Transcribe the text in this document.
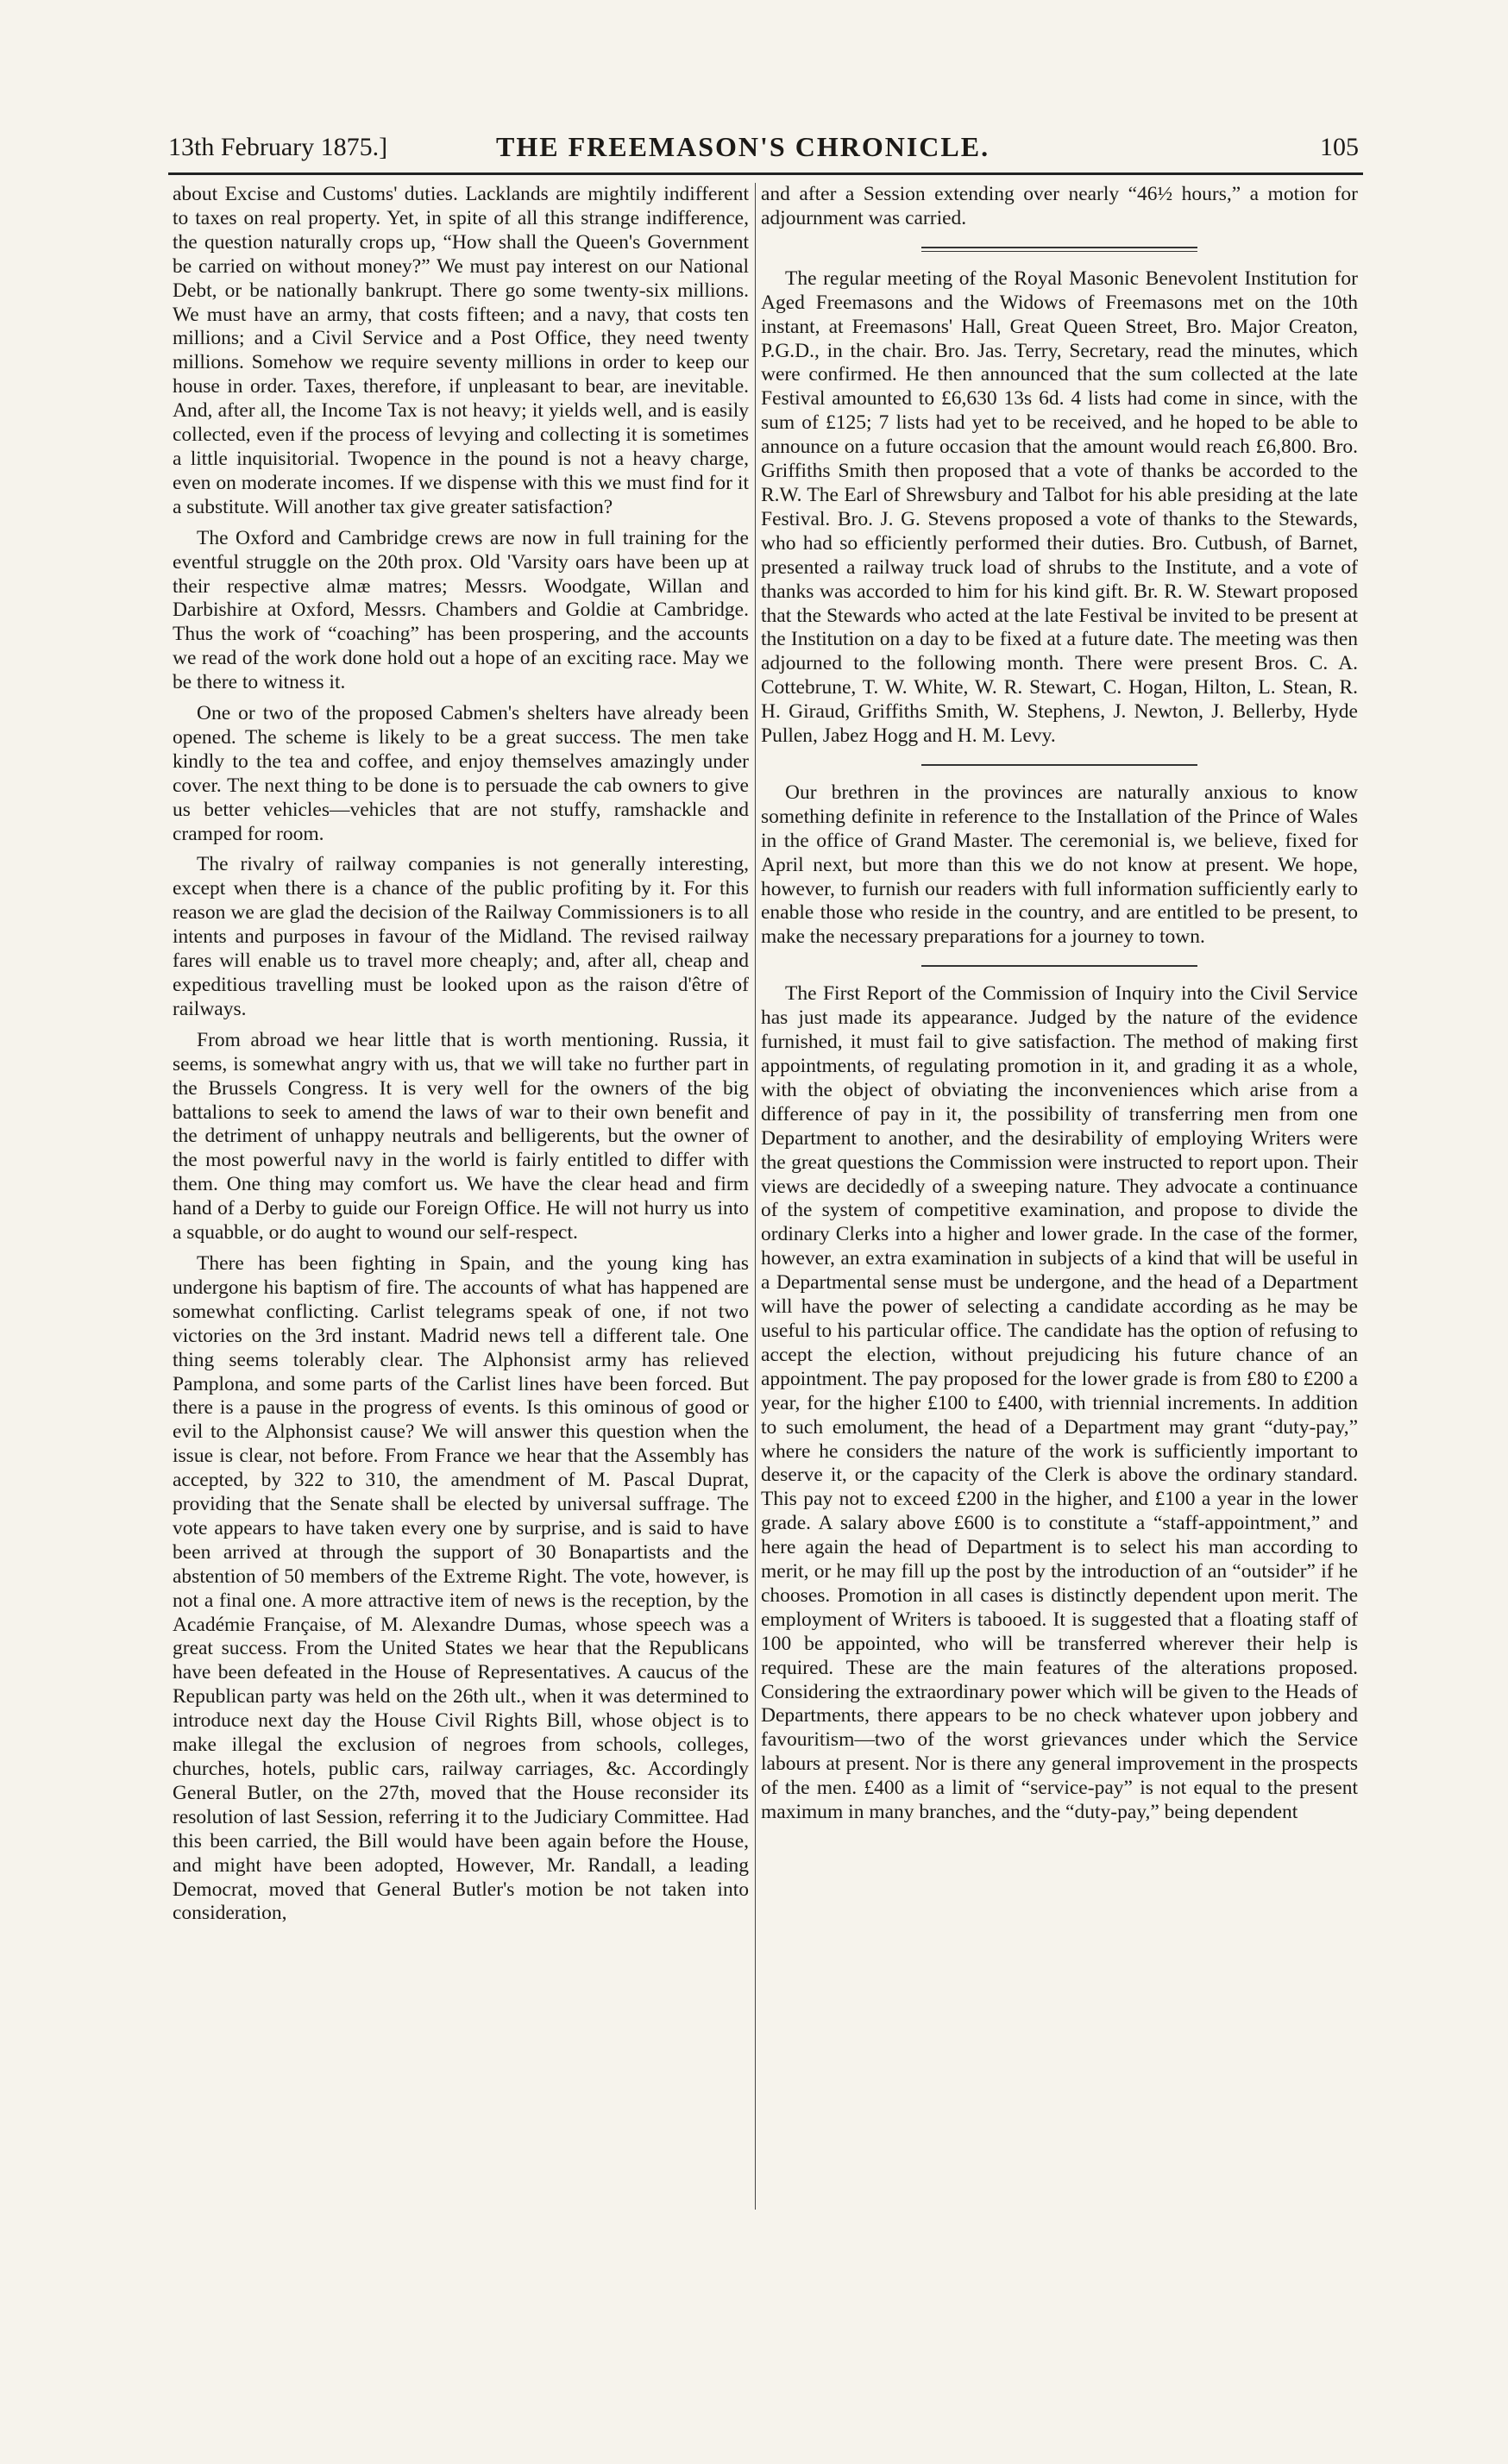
13th February 1875.]	THE FREEMASON'S CHRONICLE.	105

about Excise and Customs' duties. Lacklands are mightily indifferent to taxes on real property. Yet, in spite of all this strange indifference, the question naturally crops up, “How shall the Queen's Government be carried on without money?” We must pay interest on our National Debt, or be nationally bankrupt. There go some twenty-six millions. We must have an army, that costs fifteen; and a navy, that costs ten millions; and a Civil Service and a Post Office, they need twenty millions. Somehow we require seventy millions in order to keep our house in order. Taxes, therefore, if unpleasant to bear, are inevitable. And, after all, the Income Tax is not heavy; it yields well, and is easily collected, even if the process of levying and collecting it is sometimes a little inquisitorial. Twopence in the pound is not a heavy charge, even on moderate incomes. If we dispense with this we must find for it a substitute. Will another tax give greater satisfaction?

The Oxford and Cambridge crews are now in full training for the eventful struggle on the 20th prox. Old 'Varsity oars have been up at their respective almæ matres; Messrs. Woodgate, Willan and Darbishire at Oxford, Messrs. Chambers and Goldie at Cambridge. Thus the work of “coaching” has been prospering, and the accounts we read of the work done hold out a hope of an exciting race. May we be there to witness it.

One or two of the proposed Cabmen's shelters have already been opened. The scheme is likely to be a great success. The men take kindly to the tea and coffee, and enjoy themselves amazingly under cover. The next thing to be done is to persuade the cab owners to give us better vehicles—vehicles that are not stuffy, ramshackle and cramped for room.

The rivalry of railway companies is not generally interesting, except when there is a chance of the public profiting by it. For this reason we are glad the decision of the Railway Commissioners is to all intents and purposes in favour of the Midland. The revised railway fares will enable us to travel more cheaply; and, after all, cheap and expeditious travelling must be looked upon as the raison d'être of railways.

From abroad we hear little that is worth mentioning. Russia, it seems, is somewhat angry with us, that we will take no further part in the Brussels Congress. It is very well for the owners of the big battalions to seek to amend the laws of war to their own benefit and the detriment of unhappy neutrals and belligerents, but the owner of the most powerful navy in the world is fairly entitled to differ with them. One thing may comfort us. We have the clear head and firm hand of a Derby to guide our Foreign Office. He will not hurry us into a squabble, or do aught to wound our self-respect.

There has been fighting in Spain, and the young king has undergone his baptism of fire. The accounts of what has happened are somewhat conflicting. Carlist telegrams speak of one, if not two victories on the 3rd instant. Madrid news tell a different tale. One thing seems tolerably clear. The Alphonsist army has relieved Pamplona, and some parts of the Carlist lines have been forced. But there is a pause in the progress of events. Is this ominous of good or evil to the Alphonsist cause? We will answer this question when the issue is clear, not before. From France we hear that the Assembly has accepted, by 322 to 310, the amendment of M. Pascal Duprat, providing that the Senate shall be elected by universal suffrage. The vote appears to have taken every one by surprise, and is said to have been arrived at through the support of 30 Bonapartists and the abstention of 50 members of the Extreme Right. The vote, however, is not a final one. A more attractive item of news is the reception, by the Académie Française, of M. Alexandre Dumas, whose speech was a great success. From the United States we hear that the Republicans have been defeated in the House of Representatives. A caucus of the Republican party was held on the 26th ult., when it was determined to introduce next day the House Civil Rights Bill, whose object is to make illegal the exclusion of negroes from schools, colleges, churches, hotels, public cars, railway carriages, &c. Accordingly General Butler, on the 27th, moved that the House reconsider its resolution of last Session, referring it to the Judiciary Committee. Had this been carried, the Bill would have been again before the House, and might have been adopted, However, Mr. Randall, a leading Democrat, moved that General Butler's motion be not taken into consideration,

and after a Session extending over nearly “46½ hours,” a motion for adjournment was carried.

The regular meeting of the Royal Masonic Benevolent Institution for Aged Freemasons and the Widows of Freemasons met on the 10th instant, at Freemasons' Hall, Great Queen Street, Bro. Major Creaton, P.G.D., in the chair. Bro. Jas. Terry, Secretary, read the minutes, which were confirmed. He then announced that the sum collected at the late Festival amounted to £6,630 13s 6d. 4 lists had come in since, with the sum of £125; 7 lists had yet to be received, and he hoped to be able to announce on a future occasion that the amount would reach £6,800. Bro. Griffiths Smith then proposed that a vote of thanks be accorded to the R.W. The Earl of Shrewsbury and Talbot for his able presiding at the late Festival. Bro. J. G. Stevens proposed a vote of thanks to the Stewards, who had so efficiently performed their duties. Bro. Cutbush, of Barnet, presented a railway truck load of shrubs to the Institute, and a vote of thanks was accorded to him for his kind gift. Br. R. W. Stewart proposed that the Stewards who acted at the late Festival be invited to be present at the Institution on a day to be fixed at a future date. The meeting was then adjourned to the following month. There were present Bros. C. A. Cottebrune, T. W. White, W. R. Stewart, C. Hogan, Hilton, L. Stean, R. H. Giraud, Griffiths Smith, W. Stephens, J. Newton, J. Bellerby, Hyde Pullen, Jabez Hogg and H. M. Levy.

Our brethren in the provinces are naturally anxious to know something definite in reference to the Installation of the Prince of Wales in the office of Grand Master. The ceremonial is, we believe, fixed for April next, but more than this we do not know at present. We hope, however, to furnish our readers with full information sufficiently early to enable those who reside in the country, and are entitled to be present, to make the necessary preparations for a journey to town.

The First Report of the Commission of Inquiry into the Civil Service has just made its appearance. Judged by the nature of the evidence furnished, it must fail to give satisfaction. The method of making first appointments, of regulating promotion in it, and grading it as a whole, with the object of obviating the inconveniences which arise from a difference of pay in it, the possibility of transferring men from one Department to another, and the desirability of employing Writers were the great questions the Commission were instructed to report upon. Their views are decidedly of a sweeping nature. They advocate a continuance of the system of competitive examination, and propose to divide the ordinary Clerks into a higher and lower grade. In the case of the former, however, an extra examination in subjects of a kind that will be useful in a Departmental sense must be undergone, and the head of a Department will have the power of selecting a candidate according as he may be useful to his particular office. The candidate has the option of refusing to accept the election, without prejudicing his future chance of an appointment. The pay proposed for the lower grade is from £80 to £200 a year, for the higher £100 to £400, with triennial increments. In addition to such emolument, the head of a Department may grant “duty-pay,” where he considers the nature of the work is sufficiently important to deserve it, or the capacity of the Clerk is above the ordinary standard. This pay not to exceed £200 in the higher, and £100 a year in the lower grade. A salary above £600 is to constitute a “staff-appointment,” and here again the head of Department is to select his man according to merit, or he may fill up the post by the introduction of an “outsider” if he chooses. Promotion in all cases is distinctly dependent upon merit. The employment of Writers is tabooed. It is suggested that a floating staff of 100 be appointed, who will be transferred wherever their help is required. These are the main features of the alterations proposed. Considering the extraordinary power which will be given to the Heads of Departments, there appears to be no check whatever upon jobbery and favouritism—two of the worst grievances under which the Service labours at present. Nor is there any general improvement in the prospects of the men. £400 as a limit of “service-pay” is not equal to the present maximum in many branches, and the “duty-pay,” being dependent
